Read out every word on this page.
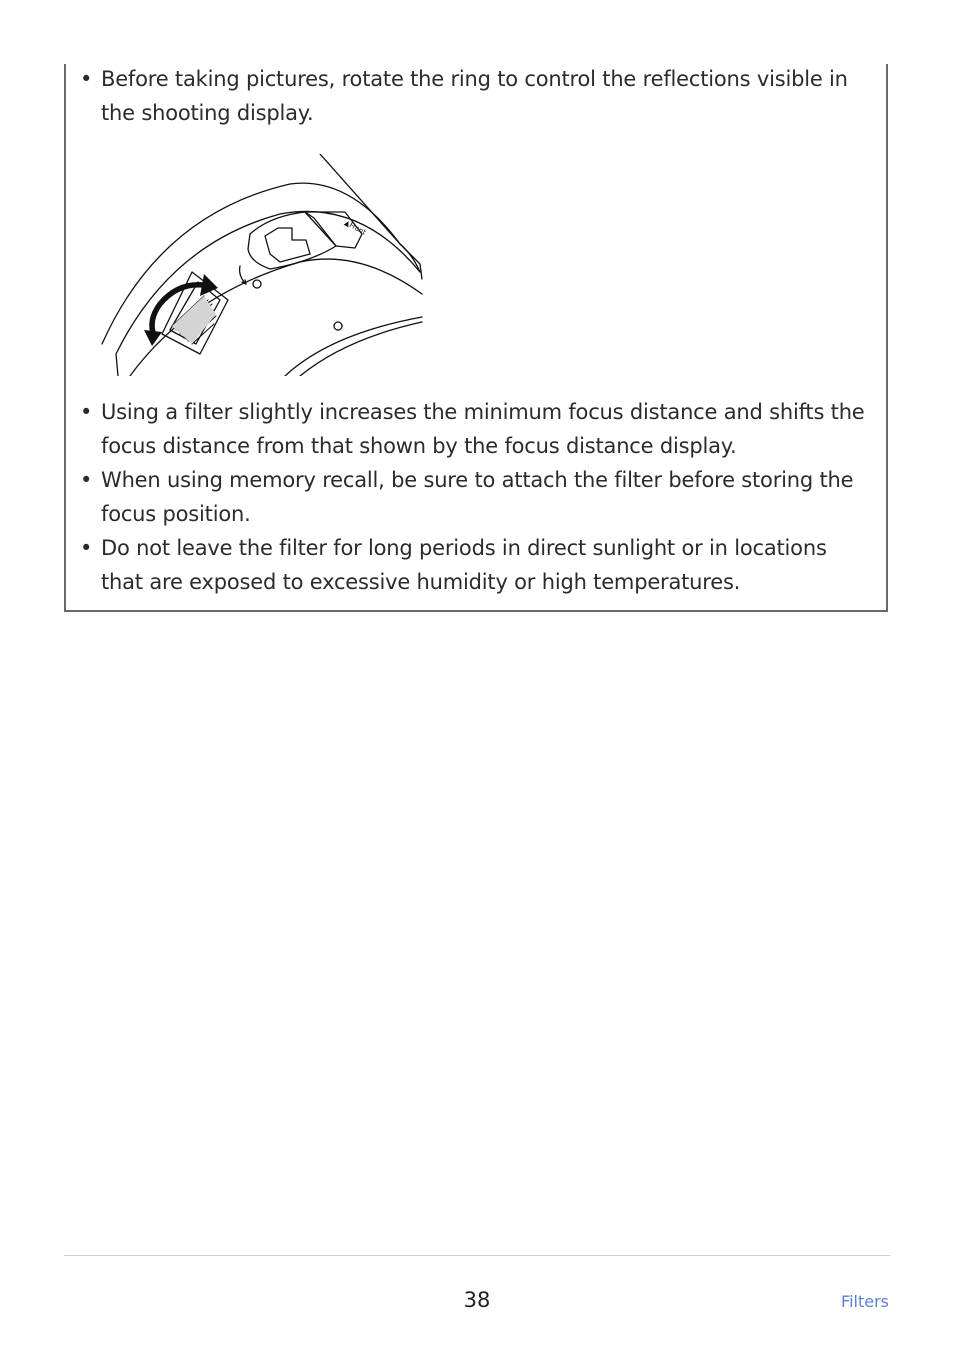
• Before taking pictures, rotate the ring to control the reflections visible in the shooting display.
▲Front
• Using a filter slightly increases the minimum focus distance and shifts the focus distance from that shown by the focus distance display.
• When using memory recall, be sure to attach the filter before storing the focus position.
• Do not leave the filter for long periods in direct sunlight or in locations that are exposed to excessive humidity or high temperatures.
38	Filters
